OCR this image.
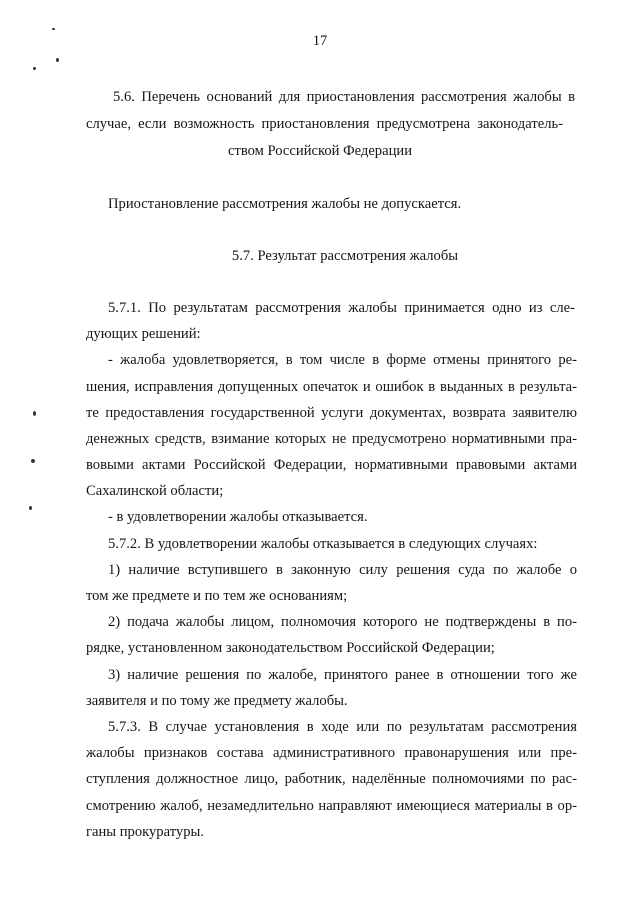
17
5.6. Перечень оснований для приостановления рассмотрения жалобы в
случае, если возможность приостановления предусмотрена законодатель-
ством Российской Федерации
Приостановление рассмотрения жалобы не допускается.
5.7. Результат рассмотрения жалобы
5.7.1. По результатам рассмотрения жалобы принимается одно из сле-
дующих решений:
- жалоба удовлетворяется, в том числе в форме отмены принятого ре-
шения, исправления допущенных опечаток и ошибок в выданных в результа-
те предоставления государственной услуги документах, возврата заявителю
денежных средств, взимание которых не предусмотрено нормативными пра-
вовыми актами Российской Федерации, нормативными правовыми актами
Сахалинской области;
- в удовлетворении жалобы отказывается.
5.7.2. В удовлетворении жалобы отказывается в следующих случаях:
1) наличие вступившего в законную силу решения суда по жалобе о
том же предмете и по тем же основаниям;
2) подача жалобы лицом, полномочия которого не подтверждены в по-
рядке, установленном законодательством Российской Федерации;
3) наличие решения по жалобе, принятого ранее в отношении того же
заявителя и по тому же предмету жалобы.
5.7.3. В случае установления в ходе или по результатам рассмотрения
жалобы признаков состава административного правонарушения или пре-
ступления должностное лицо, работник, наделённые полномочиями по рас-
смотрению жалоб, незамедлительно направляют имеющиеся материалы в ор-
ганы прокуратуры.
